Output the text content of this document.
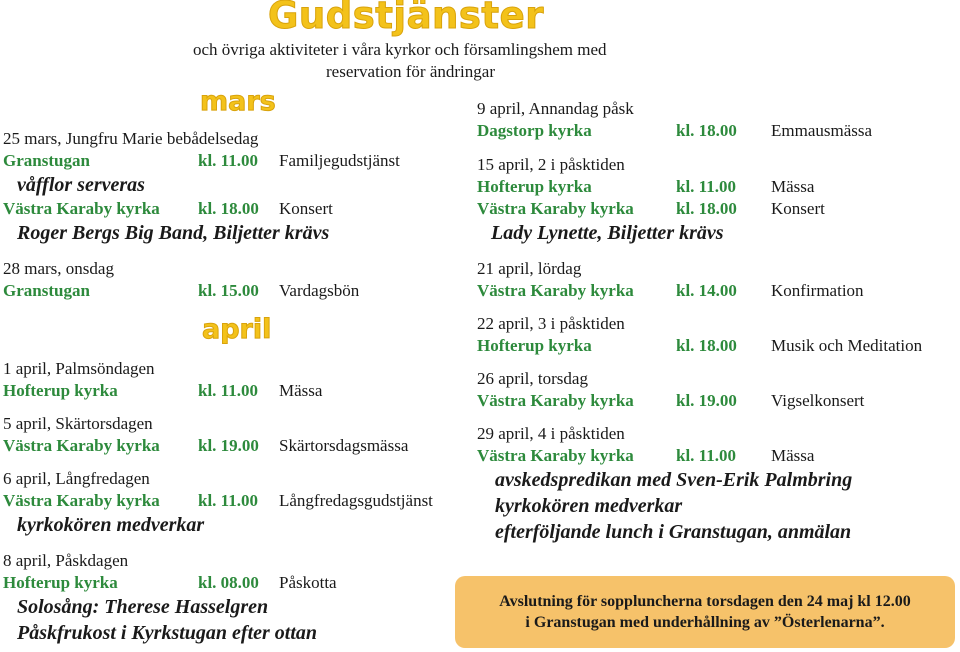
Gudstjänster
och övriga aktiviteter i våra kyrkor och församlingshem med
reservation för ändringar
mars
april
25 mars, Jungfru Marie bebådelsedag
Granstugan	kl. 11.00 Familjegudstjänst
våfflor serveras
Västra Karaby kyrka kl. 18.00 Konsert
Roger Bergs Big Band, Biljetter krävs
28 mars, onsdag
Granstugan	kl. 15.00 Vardagsbön
1 april, Palmsöndagen
Hofterup kyrka	kl. 11.00 Mässa
5 april, Skärtorsdagen
Västra Karaby kyrka kl. 19.00 Skärtorsdagsmässa
6 april, Långfredagen
Västra Karaby kyrka kl. 11.00 Långfredagsgudstjänst
kyrkokören medverkar
8 april, Påskdagen
Hofterup kyrka	kl. 08.00 Påskotta
Solosång: Therese Hasselgren
Påskfrukost i Kyrkstugan efter ottan
9 april, Annandag påsk
Dagstorp kyrka	kl. 18.00 Emmausmässa
15 april, 2 i påsktiden
Hofterup kyrka	kl. 11.00 Mässa
Västra Karaby kyrka kl. 18.00 Konsert
Lady Lynette, Biljetter krävs
21 april, lördag
Västra Karaby kyrka kl. 14.00 Konfirmation
22 april, 3 i påsktiden
Hofterup kyrka	kl. 18.00 Musik och Meditation
26 april, torsdag
Västra Karaby kyrka kl. 19.00 Vigselkonsert
29 april, 4 i påsktiden
Västra Karaby kyrka kl. 11.00 Mässa
avskedspredikan med Sven-Erik Palmbring
kyrkokören medverkar
efterföljande lunch i Granstugan, anmälan
Avslutning för soppluncherna torsdagen den 24 maj kl 12.00
i Granstugan med underhållning av ”Österlenarna”.
